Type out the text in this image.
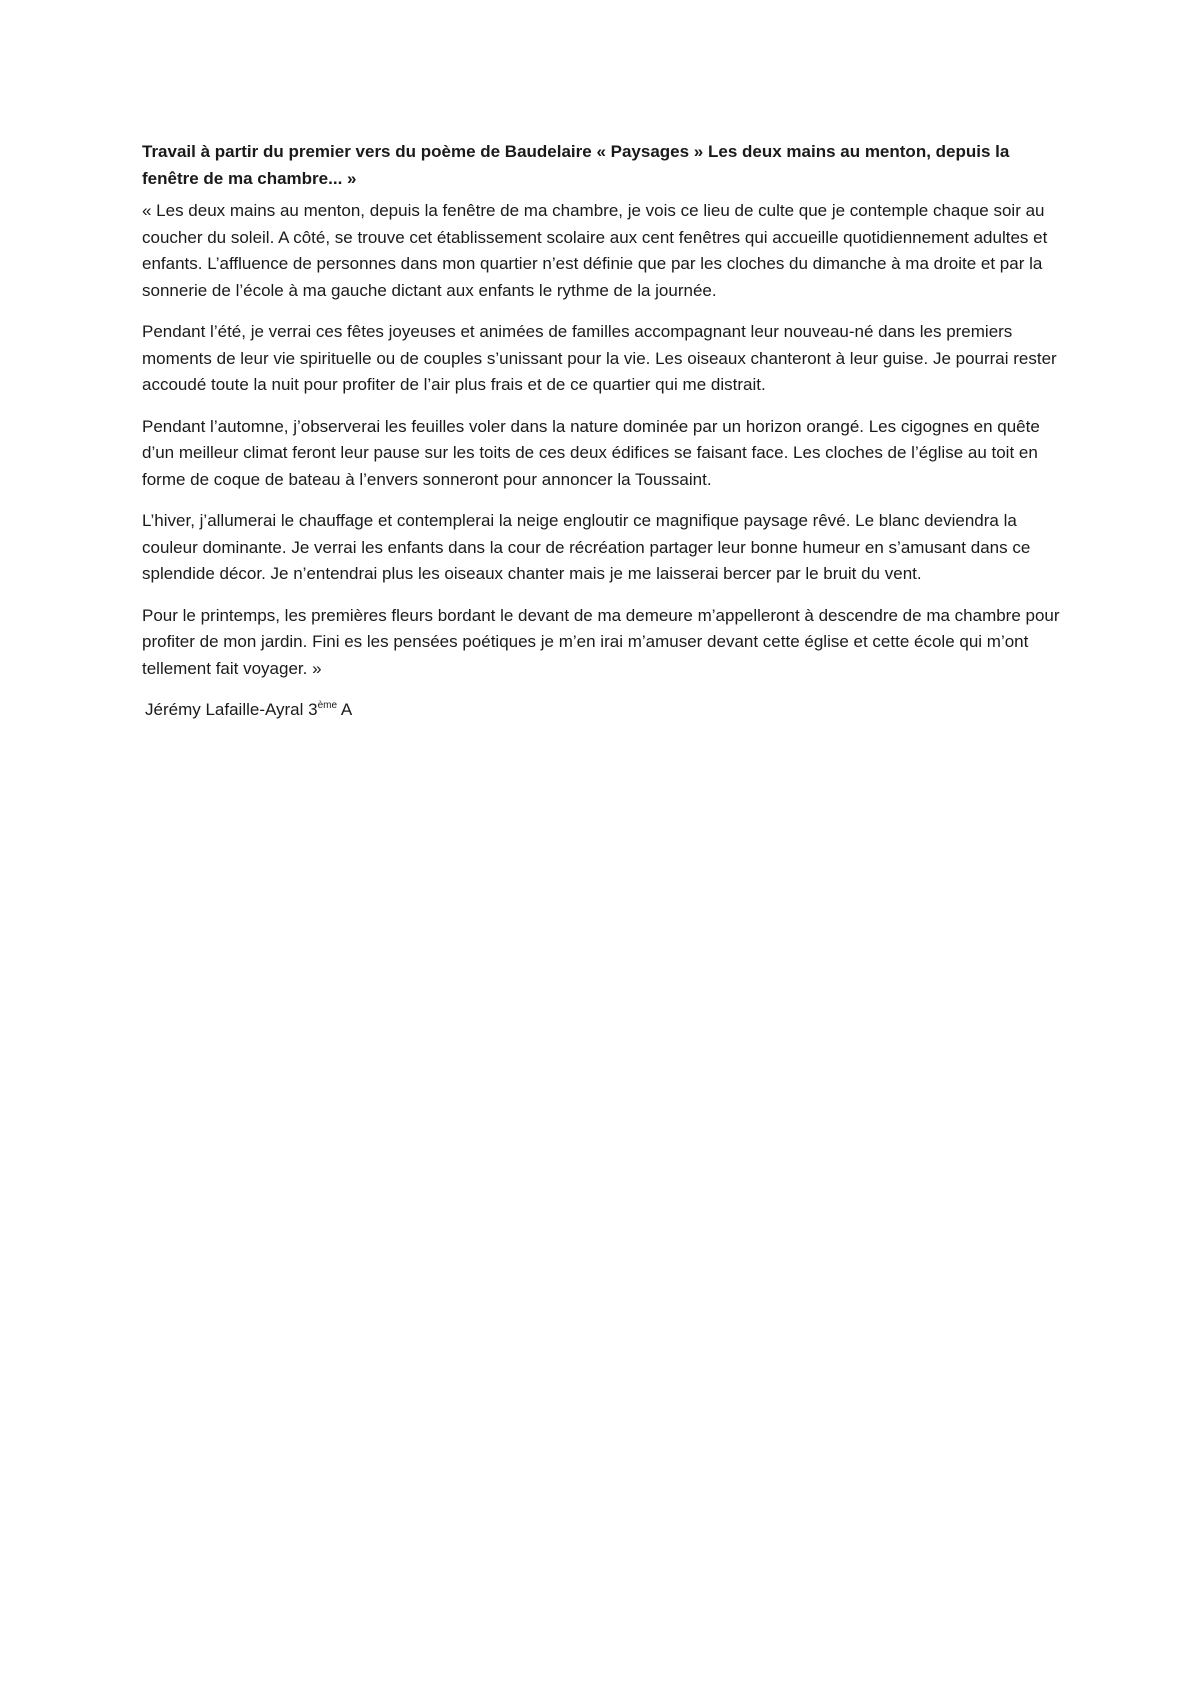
Travail à partir du premier vers du poème de Baudelaire « Paysages » Les deux mains au menton, depuis la fenêtre de ma chambre... »

« Les deux mains au menton, depuis la fenêtre de ma chambre, je vois ce lieu de culte que je contemple chaque soir au coucher du soleil. A côté, se trouve cet établissement scolaire aux cent fenêtres qui accueille quotidiennement adultes et enfants. L’affluence de personnes dans mon quartier n’est définie que par les cloches du dimanche à ma droite et par la sonnerie de l’école à ma gauche dictant aux enfants le rythme de la journée.

Pendant l’été, je verrai ces fêtes joyeuses et animées de familles accompagnant leur nouveau-né dans les premiers moments de leur vie spirituelle ou de couples s’unissant pour la vie. Les oiseaux chanteront à leur guise. Je pourrai rester accoudé toute la nuit pour profiter de l’air plus frais et de ce quartier qui me distrait.

Pendant l’automne, j’observerai les feuilles voler dans la nature dominée par un horizon orangé. Les cigognes en quête d’un meilleur climat feront leur pause sur les toits de ces deux édifices se faisant face. Les cloches de l’église au toit en forme de coque de bateau à l’envers sonneront pour annoncer la Toussaint.

L’hiver, j’allumerai le chauffage et contemplerai la neige engloutir ce magnifique paysage rêvé. Le blanc deviendra la couleur dominante. Je verrai les enfants dans la cour de récréation partager leur bonne humeur en s’amusant dans ce splendide décor. Je n’entendrai plus les oiseaux chanter mais je me laisserai bercer par le bruit du vent.

Pour le printemps, les premières fleurs bordant le devant de ma demeure m’appelleront à descendre de ma chambre pour profiter de mon jardin. Fini es les pensées poétiques je m’en irai m’amuser devant cette église et cette école qui m’ont tellement fait voyager. »

Jérémy Lafaille-Ayral 3ème A
